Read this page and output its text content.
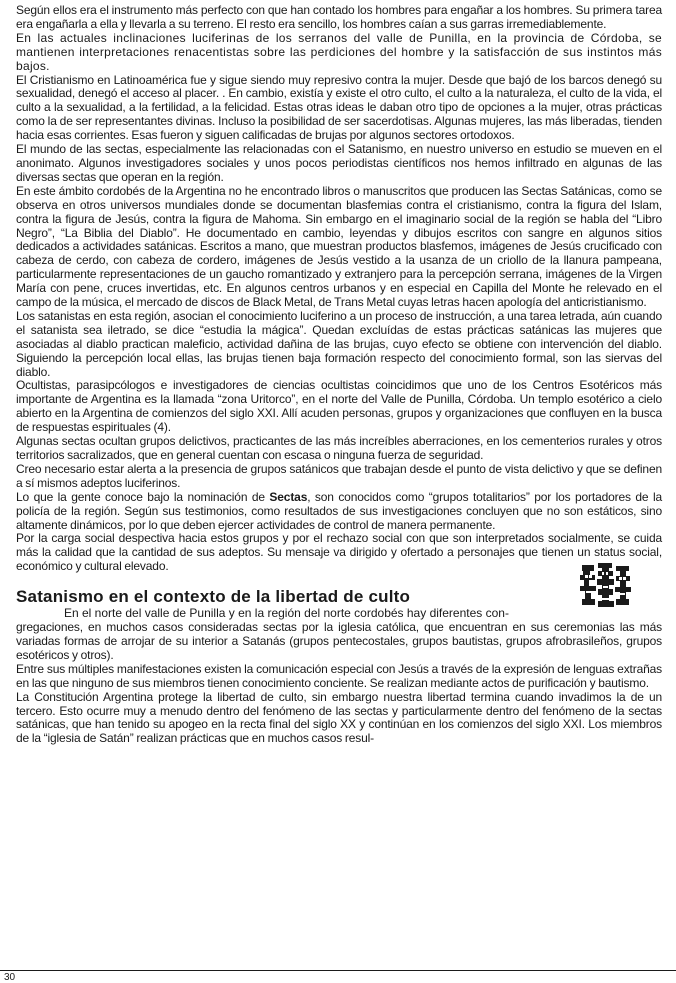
Según ellos era el instrumento más perfecto con que han contado los hombres para engañar a los hombres. Su primera tarea era engañarla a ella y llevarla a su terreno. El resto era sencillo, los hombres caían a sus garras irremediablemente.

En las actuales inclinaciones luciferinas de los serranos del valle de Punilla, en la provincia de Córdoba, se mantienen interpretaciones renacentistas sobre las perdiciones del hombre y la satisfacción de sus instintos más bajos.

El Cristianismo en Latinoamérica fue y sigue siendo muy represivo contra la mujer. Desde que bajó de los barcos denegó su sexualidad, denegó el acceso al placer. . En cambio, existía y existe el otro culto, el culto a la naturaleza, el culto de la vida, el culto a la sexualidad, a la fertilidad, a la felicidad. Estas otras ideas le daban otro tipo de opciones a la mujer, otras prácticas como la de ser representantes divinas. Incluso la posibilidad de ser sacerdotisas. Algunas mujeres, las más liberadas, tienden hacia esas corrientes. Esas fueron y siguen calificadas de brujas por algunos sectores ortodoxos.

El mundo de las sectas, especialmente las relacionadas con el Satanismo, en nuestro universo en estudio se mueven en el anonimato. Algunos investigadores sociales y unos pocos periodistas científicos nos hemos infiltrado en algunas de las diversas sectas que operan en la región.

En este ámbito cordobés de la Argentina no he encontrado libros o manuscritos que producen las Sectas Satánicas, como se observa en otros universos mundiales donde se documentan blasfemias contra el cristianismo, contra la figura del Islam, contra la figura de Jesús, contra la figura de Mahoma. Sin embargo en el imaginario social de la región se habla del “Libro Negro”, “La Biblia del Diablo”. He documentado en cambio, leyendas y dibujos escritos con sangre en algunos sitios dedicados a actividades satánicas. Escritos a mano, que muestran productos blasfemos, imágenes de Jesús crucificado con cabeza de cerdo, con cabeza de cordero, imágenes de Jesús vestido a la usanza de un criollo de la llanura pampeana, particularmente representaciones de un gaucho romantizado y extranjero para la percepción serrana, imágenes de la Virgen María con pene, cruces invertidas, etc. En algunos centros urbanos y en especial en Capilla del Monte he relevado en el campo de la música, el mercado de discos de Black Metal, de Trans Metal cuyas letras hacen apología del anticristianismo.

Los satanistas en esta región, asocian el conocimiento luciferino a un proceso de instrucción, a una tarea letrada, aún cuando el satanista sea iletrado, se dice “estudia la mágica”. Quedan excluídas de estas prácticas satánicas las mujeres que asociadas al diablo practican maleficio, actividad dañina de las brujas, cuyo efecto se obtiene con intervención del diablo. Siguiendo la percepción local ellas, las brujas tienen baja formación respecto del conocimiento formal, son las siervas del diablo.

Ocultistas, parasipcólogos e investigadores de ciencias ocultistas coincidimos que uno de los Centros Esotéricos más importante de Argentina es la llamada “zona Uritorco”, en el norte del Valle de Punilla, Córdoba. Un templo esotérico a cielo abierto en la Argentina de comienzos del siglo XXI. Allí acuden personas, grupos y organizaciones que confluyen en la busca de respuestas espirituales (4).

Algunas sectas ocultan grupos delictivos, practicantes de las más increíbles aberraciones, en los cementerios rurales y otros territorios sacralizados, que en general cuentan con escasa o ninguna fuerza de seguridad.

Creo necesario estar alerta a la presencia de grupos satánicos que trabajan desde el punto de vista delictivo y que se definen a sí mismos adeptos luciferinos.

Lo que la gente conoce bajo la nominación de Sectas, son conocidos como “grupos totalitarios” por los portadores de la policía de la región. Según sus testimonios, como resultados de sus investigaciones concluyen que no son estáticos, sino altamente dinámicos, por lo que deben ejercer actividades de control de manera permanente.

Por la carga social despectiva hacia estos grupos y por el rechazo social con que son interpretados socialmente, se cuida más la calidad que la cantidad de sus adeptos. Su mensaje va dirigido y ofertado a personajes que tienen un status social, económico y cultural elevado.

Satanismo en el contexto de la libertad de culto

En el norte del valle de Punilla y en la región del norte cordobés hay diferentes con-

gregaciones, en muchos casos consideradas sectas por la iglesia católica, que encuentran en sus ceremonias las más variadas formas de arrojar de su interior a Satanás (grupos pentecostales, grupos bautistas, grupos afrobrasileños, grupos esotéricos y otros).

Entre sus múltiples manifestaciones existen la comunicación especial con Jesús a través de la expresión de lenguas extrañas en las que ninguno de sus miembros tienen conocimiento conciente. Se realizan mediante actos de purificación y bautismo.

La Constitución Argentina protege la libertad de culto, sin embargo nuestra libertad termina cuando invadimos la de un tercero. Esto ocurre muy a menudo dentro del fenómeno de las sectas y particularmente dentro del fenómeno de la sectas satánicas, que han tenido su apogeo en la recta final del siglo XX y continúan en los comienzos del siglo XXI. Los miembros de la “iglesia de Satán” realizan prácticas que en muchos casos resul-

30
